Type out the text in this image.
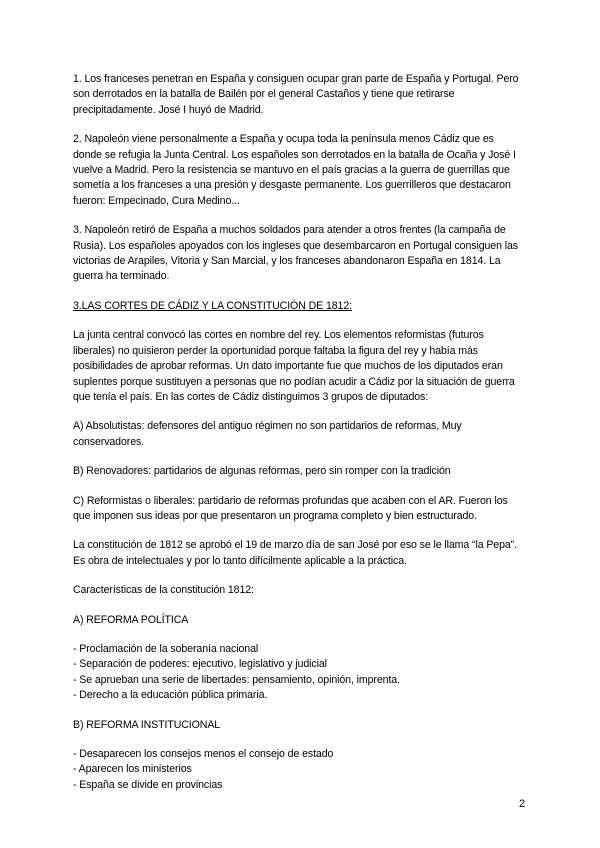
1. Los franceses penetran en España y consiguen ocupar gran parte de España y Portugal. Pero son derrotados en la batalla de Bailén por el general Castaños y tiene que retirarse precipitadamente. José I huyó de Madrid.

2. Napoleón viene personalmente a España y ocupa toda la península menos Cádiz que es donde se refugia la Junta Central. Los españoles son derrotados en la batalla de Ocaña y José I vuelve a Madrid. Pero la resistencia se mantuvo en el país gracias a la guerra de guerrillas que sometía a los franceses a una presión y desgaste permanente. Los guerrilleros que destacaron fueron: Empecinado, Cura Medino...

3. Napoleón retiró de España a muchos soldados para atender a otros frentes (la campaña de Rusia). Los españoles apoyados con los ingleses que desembarcaron en Portugal consiguen las victorias de Arapiles, Vitoria y San Marcial, y los franceses abandonaron España en 1814. La guerra ha terminado.

3.LAS CORTES DE CÁDIZ Y LA CONSTITUCIÓN DE 1812:

La junta central convocó las cortes en nombre del rey. Los elementos reformistas (futuros liberales) no quisieron perder la oportunidad porque faltaba la figura del rey y había más posibilidades de aprobar reformas. Un dato importante fue que muchos de los diputados eran suplentes porque sustituyen a personas que no podían acudir a Cádiz por la situación de guerra que tenía el país. En las cortes de Cádiz distinguimos 3 grupos de diputados:

A) Absolutistas: defensores del antiguo régimen no son partidarios de reformas, Muy conservadores.

B) Renovadores: partidarios de algunas reformas, pero sin romper con la tradición

C) Reformistas o liberales: partidario de reformas profundas que acaben con el AR. Fueron los que imponen sus ideas por que presentaron un programa completo y bien estructurado.

La constitución de 1812 se aprobó el 19 de marzo día de san José por eso se le llama “la Pepa”. Es obra de intelectuales y por lo tanto difícilmente aplicable a la práctica.

Características de la constitución 1812:

A) REFORMA POLÍTICA

- Proclamación de la soberanía nacional
- Separación de poderes: ejecutivo, legislativo y judicial
- Se aprueban una serie de libertades: pensamiento, opinión, imprenta.
- Derecho a la educación pública primaria.

B) REFORMA INSTITUCIONAL

- Desaparecen los consejos menos el consejo de estado
- Aparecen los ministerios
- España se divide en provincias
2
